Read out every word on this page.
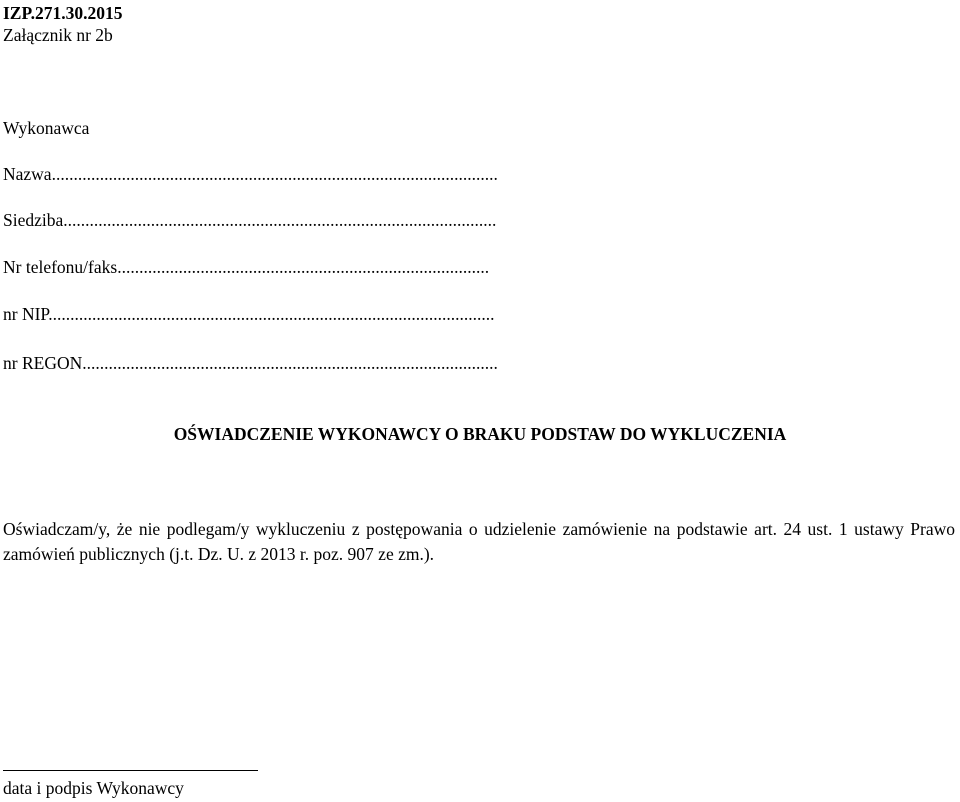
IZP.271.30.2015
Załącznik nr 2b
Wykonawca
Nazwa......................................................................................................
Siedziba...................................................................................................
Nr telefonu/faks.....................................................................................
nr NIP......................................................................................................
nr REGON...............................................................................................
OŚWIADCZENIE WYKONAWCY O BRAKU PODSTAW DO WYKLUCZENIA
Oświadczam/y, że nie podlegam/y wykluczeniu z postępowania o udzielenie zamówienie na podstawie art. 24 ust. 1 ustawy Prawo zamówień publicznych (j.t. Dz. U. z 2013 r. poz. 907 ze zm.).
data i podpis Wykonawcy
